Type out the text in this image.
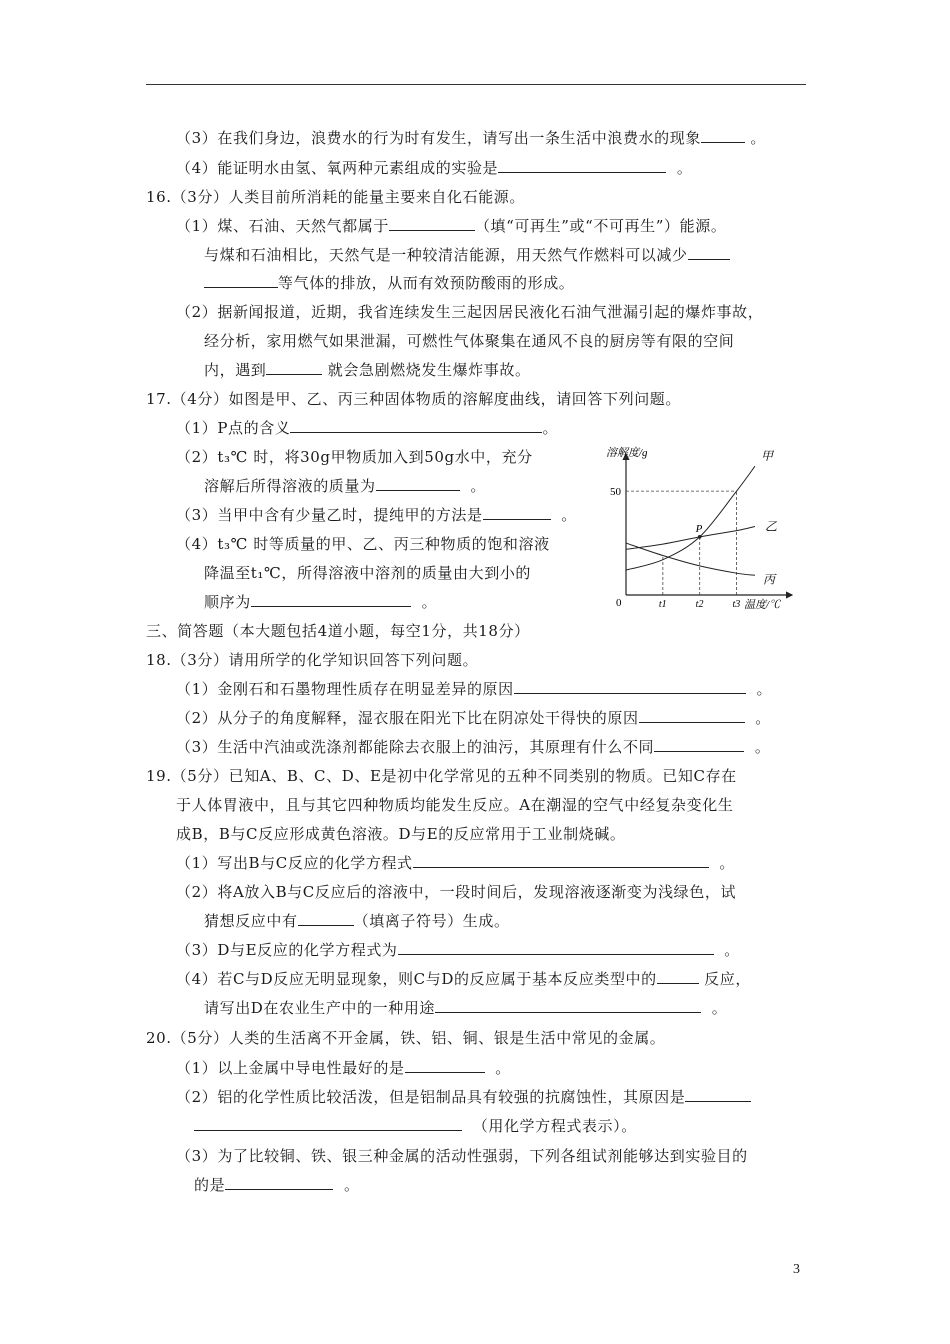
（3）在我们身边，浪费水的行为时有发生，请写出一条生活中浪费水的现象	。
（4）能证明水由氢、氧两种元素组成的实验是	。
16.（3分）人类目前所消耗的能量主要来自化石能源。
（1）煤、石油、天然气都属于	（填“可再生”或“不可再生”）能源。
与煤和石油相比，天然气是一种较清洁能源，用天然气作燃料可以减少
等气体的排放，从而有效预防酸雨的形成。
（2）据新闻报道，近期，我省连续发生三起因居民液化石油气泄漏引起的爆炸事故，
经分析，家用燃气如果泄漏，可燃性气体聚集在通风不良的厨房等有限的空间
内，遇到	就会急剧燃烧发生爆炸事故。
17.（4分）如图是甲、乙、丙三种固体物质的溶解度曲线，请回答下列问题。
（1）P点的含义	。
（2）t₃℃ 时，将30g甲物质加入到50g水中，充分
溶解后所得溶液的质量为	。
（3）当甲中含有少量乙时，提纯甲的方法是	。
（4）t₃℃ 时等质量的甲、乙、丙三种物质的饱和溶液
降温至t₁℃，所得溶液中溶剂的质量由大到小的
顺序为	。
溶解度/g
温度/℃
0
甲
乙
丙
50
t1	t2	t3
P
三、简答题（本大题包括4道小题，每空1分，共18分）
18.（3分）请用所学的化学知识回答下列问题。
（1）金刚石和石墨物理性质存在明显差异的原因	。
（2）从分子的角度解释，湿衣服在阳光下比在阴凉处干得快的原因	。
（3）生活中汽油或洗涤剂都能除去衣服上的油污，其原理有什么不同	。
19.（5分）已知A、B、C、D、E是初中化学常见的五种不同类别的物质。已知C存在
于人体胃液中，且与其它四种物质均能发生反应。A在潮湿的空气中经复杂变化生
成B，B与C反应形成黄色溶液。D与E的反应常用于工业制烧碱。
（1）写出B与C反应的化学方程式	。
（2）将A放入B与C反应后的溶液中，一段时间后，发现溶液逐渐变为浅绿色，试
猜想反应中有	（填离子符号）生成。
（3）D与E反应的化学方程式为	。
（4）若C与D反应无明显现象，则C与D的反应属于基本反应类型中的	反应，
请写出D在农业生产中的一种用途	。
20.（5分）人类的生活离不开金属，铁、铝、铜、银是生活中常见的金属。
（1）以上金属中导电性最好的是	。
（2）铝的化学性质比较活泼，但是铝制品具有较强的抗腐蚀性，其原因是
（用化学方程式表示）。
（3）为了比较铜、铁、银三种金属的活动性强弱，下列各组试剂能够达到实验目的
的是	。
3
